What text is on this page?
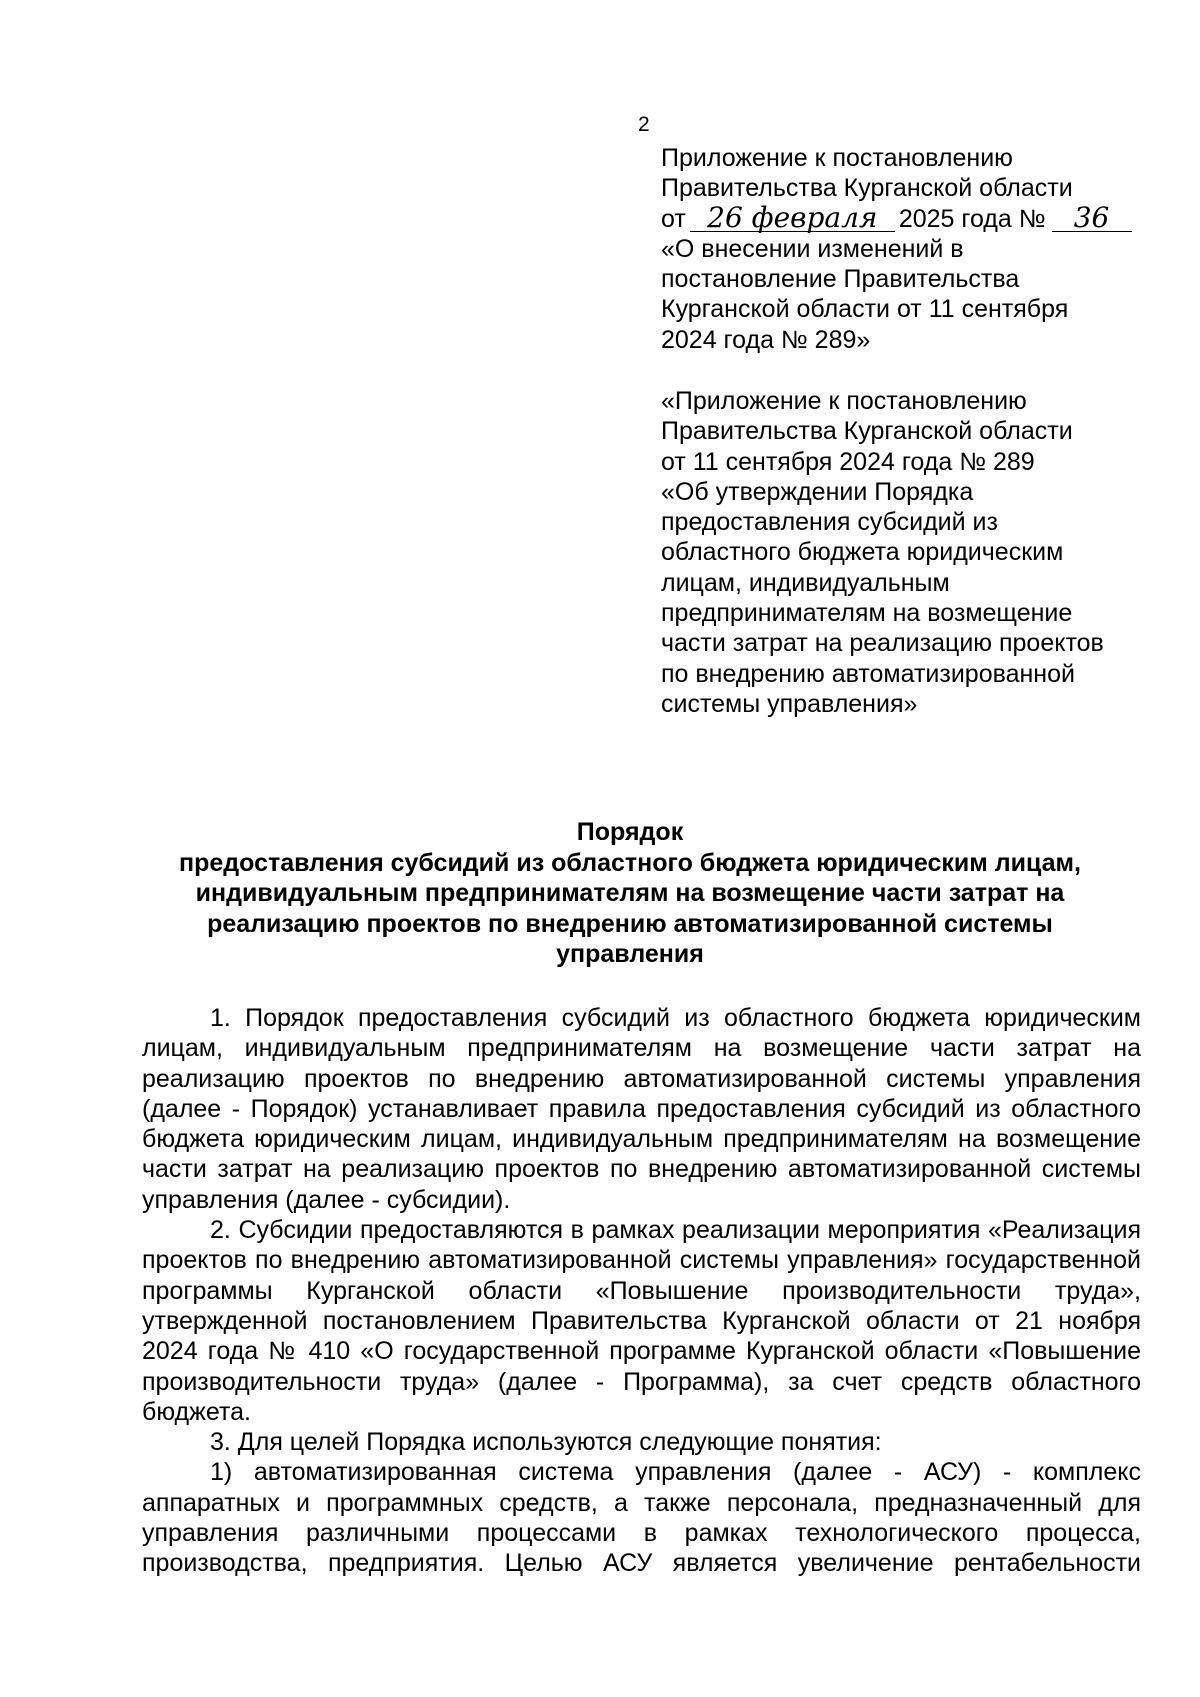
2
Приложение к постановлению
Правительства Курганской области
от 26 февраля 2025 года № 36
«О внесении изменений в
постановление Правительства
Курганской области от 11 сентября
2024 года № 289»
«Приложение к постановлению
Правительства Курганской области
от 11 сентября 2024 года № 289
«Об утверждении Порядка
предоставления субсидий из
областного бюджета юридическим
лицам, индивидуальным
предпринимателям на возмещение
части затрат на реализацию проектов
по внедрению автоматизированной
системы управления»
Порядок
предоставления субсидий из областного бюджета юридическим лицам,
индивидуальным предпринимателям на возмещение части затрат на
реализацию проектов по внедрению автоматизированной системы
управления

1. Порядок предоставления субсидий из областного бюджета юридическим лицам, индивидуальным предпринимателям на возмещение части затрат на реализацию проектов по внедрению автоматизированной системы управления (далее - Порядок) устанавливает правила предоставления субсидий из областного бюджета юридическим лицам, индивидуальным предпринимателям на возмещение части затрат на реализацию проектов по внедрению автоматизированной системы управления (далее - субсидии).

2. Субсидии предоставляются в рамках реализации мероприятия «Реализация проектов по внедрению автоматизированной системы управления» государственной программы Курганской области «Повышение производительности труда», утвержденной постановлением Правительства Курганской области от 21 ноября 2024 года № 410 «О государственной программе Курганской области «Повышение производительности труда» (далее - Программа), за счет средств областного бюджета.

3. Для целей Порядка используются следующие понятия:

1) автоматизированная система управления (далее - АСУ) - комплекс аппаратных и программных средств, а также персонала, предназначенный для управления различными процессами в рамках технологического процесса, производства, предприятия. Целью АСУ является увеличение рентабельности
